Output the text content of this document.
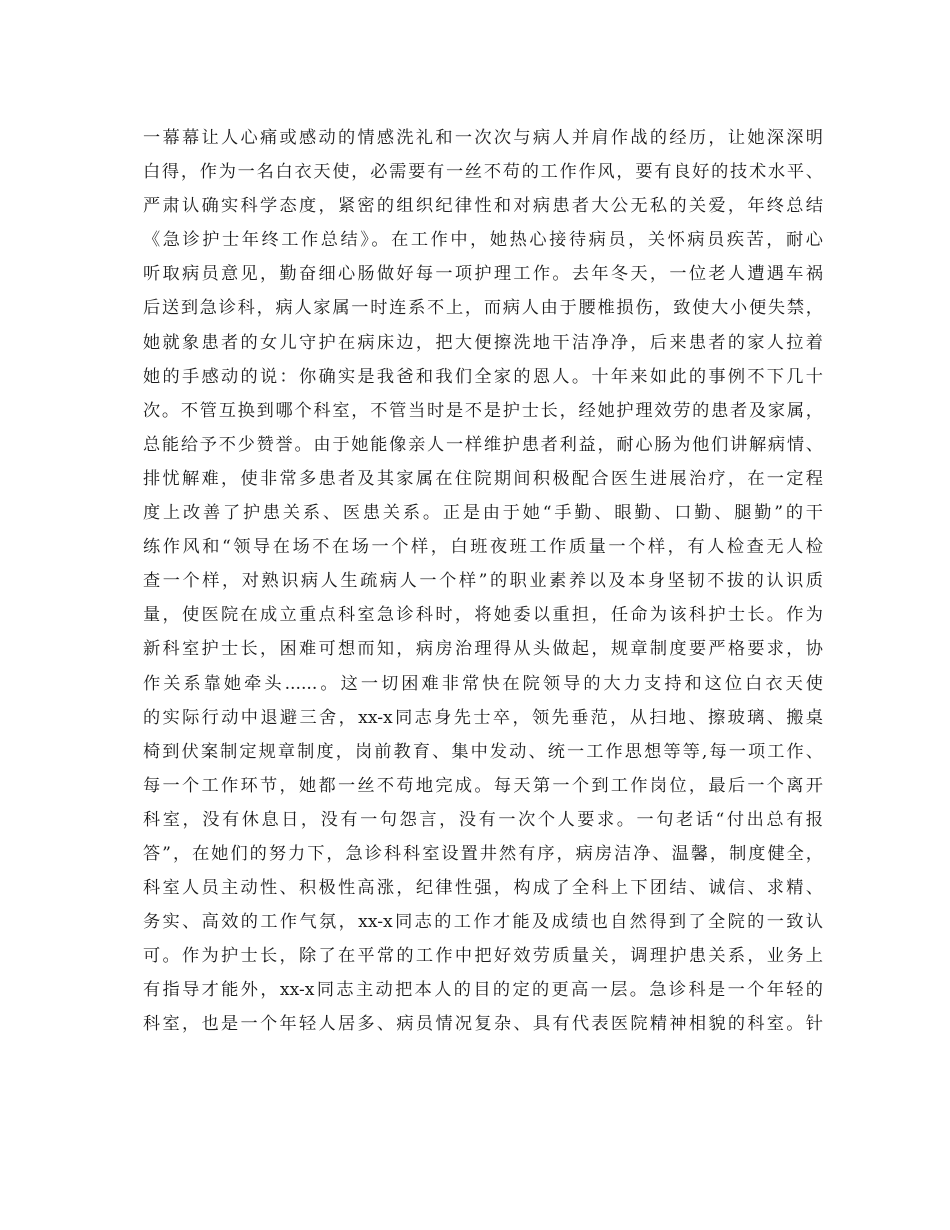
一幕幕让人心痛或感动的情感洗礼和一次次与病人并肩作战的经历，让她深深明
白得，作为一名白衣天使，必需要有一丝不苟的工作作风，要有良好的技术水平、
严肃认确实科学态度，紧密的组织纪律性和对病患者大公无私的关爱，年终总结
《急诊护士年终工作总结》。在工作中，她热心接待病员，关怀病员疾苦，耐心
听取病员意见，勤奋细心肠做好每一项护理工作。去年冬天，一位老人遭遇车祸
后送到急诊科，病人家属一时连系不上，而病人由于腰椎损伤，致使大小便失禁，
她就象患者的女儿守护在病床边，把大便擦洗地干洁净净，后来患者的家人拉着
她的手感动的说：你确实是我爸和我们全家的恩人。十年来如此的事例不下几十
次。不管互换到哪个科室，不管当时是不是护士长，经她护理效劳的患者及家属，
总能给予不少赞誉。由于她能像亲人一样维护患者利益，耐心肠为他们讲解病情、
排忧解难，使非常多患者及其家属在住院期间积极配合医生进展治疗，在一定程
度上改善了护患关系、医患关系。正是由于她“手勤、眼勤、口勤、腿勤”的干
练作风和“领导在场不在场一个样，白班夜班工作质量一个样，有人检查无人检
查一个样，对熟识病人生疏病人一个样”的职业素养以及本身坚韧不拔的认识质
量，使医院在成立重点科室急诊科时，将她委以重担，任命为该科护士长。作为
新科室护士长，困难可想而知，病房治理得从头做起，规章制度要严格要求，协
作关系靠她牵头......。这一切困难非常快在院领导的大力支持和这位白衣天使
的实际行动中退避三舍，xx-x同志身先士卒，领先垂范，从扫地、擦玻璃、搬桌
椅到伏案制定规章制度，岗前教育、集中发动、统一工作思想等等,每一项工作、
每一个工作环节，她都一丝不苟地完成。每天第一个到工作岗位，最后一个离开
科室，没有休息日，没有一句怨言，没有一次个人要求。一句老话“付出总有报
答”，在她们的努力下，急诊科科室设置井然有序，病房洁净、温馨，制度健全，
科室人员主动性、积极性高涨，纪律性强，构成了全科上下团结、诚信、求精、
务实、高效的工作气氛，xx-x同志的工作才能及成绩也自然得到了全院的一致认
可。作为护士长，除了在平常的工作中把好效劳质量关，调理护患关系，业务上
有指导才能外，xx-x同志主动把本人的目的定的更高一层。急诊科是一个年轻的
科室，也是一个年轻人居多、病员情况复杂、具有代表医院精神相貌的科室。针
